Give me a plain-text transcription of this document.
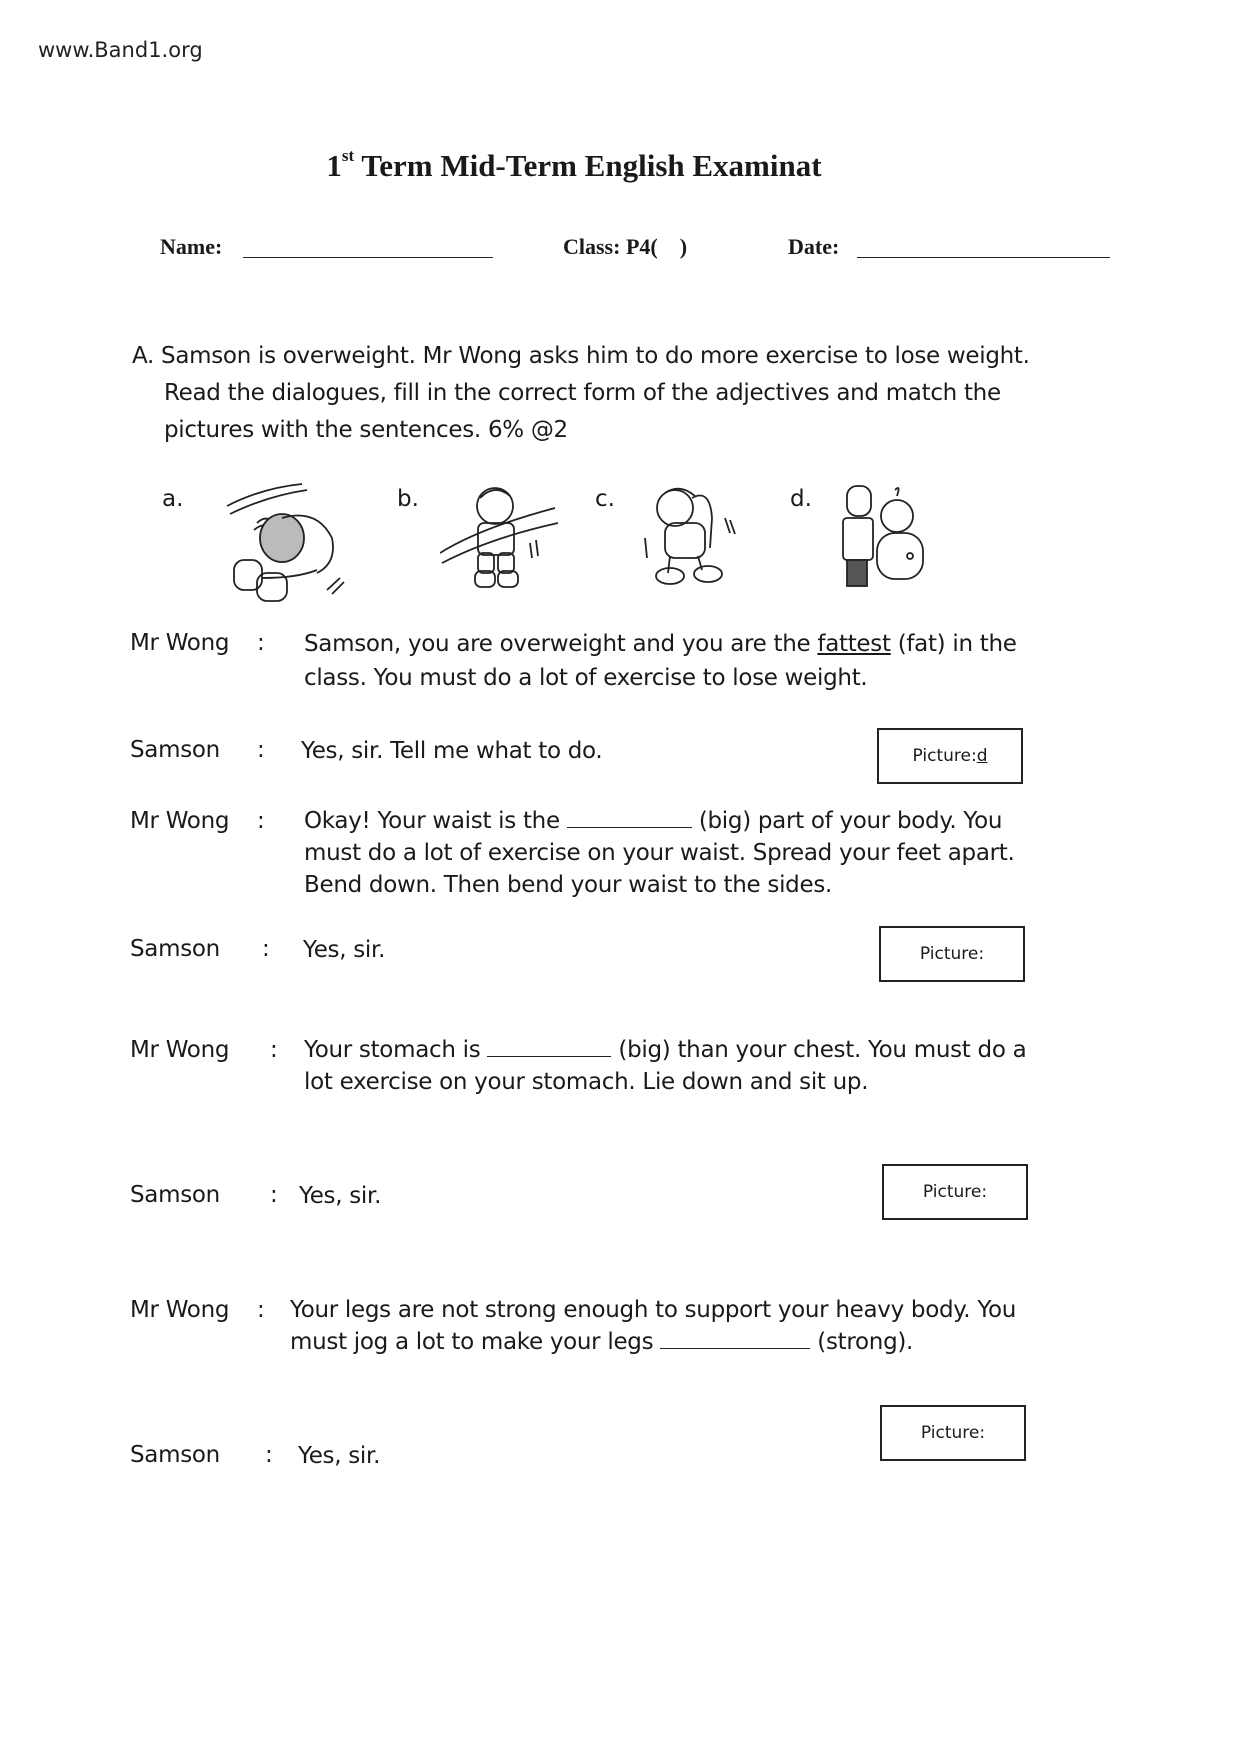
www.Band1.org
1st Term Mid-Term English Examinat
Name:	Class: P4( )	Date:
A. Samson is overweight. Mr Wong asks him to do more exercise to lose weight.
Read the dialogues, fill in the correct form of the adjectives and match the
pictures with the sentences. 6% @2
a.	b.	c.	d.
Mr Wong	:	Samson, you are overweight and you are the fattest (fat) in the
class. You must do a lot of exercise to lose weight.
Samson	:	Yes, sir. Tell me what to do.	Picture: d
Mr Wong	:	Okay! Your waist is the	(big) part of your body. You
must do a lot of exercise on your waist. Spread your feet apart.
Bend down. Then bend your waist to the sides.
Samson	:	Yes, sir.	Picture:
Mr Wong	:	Your stomach is	(big) than your chest. You must do a
lot exercise on your stomach. Lie down and sit up.
Samson	: Yes, sir.	Picture:
Mr Wong	:	Your legs are not strong enough to support your heavy body. You
must jog a lot to make your legs	(strong).
Samson	:	Yes, sir.
Picture:
